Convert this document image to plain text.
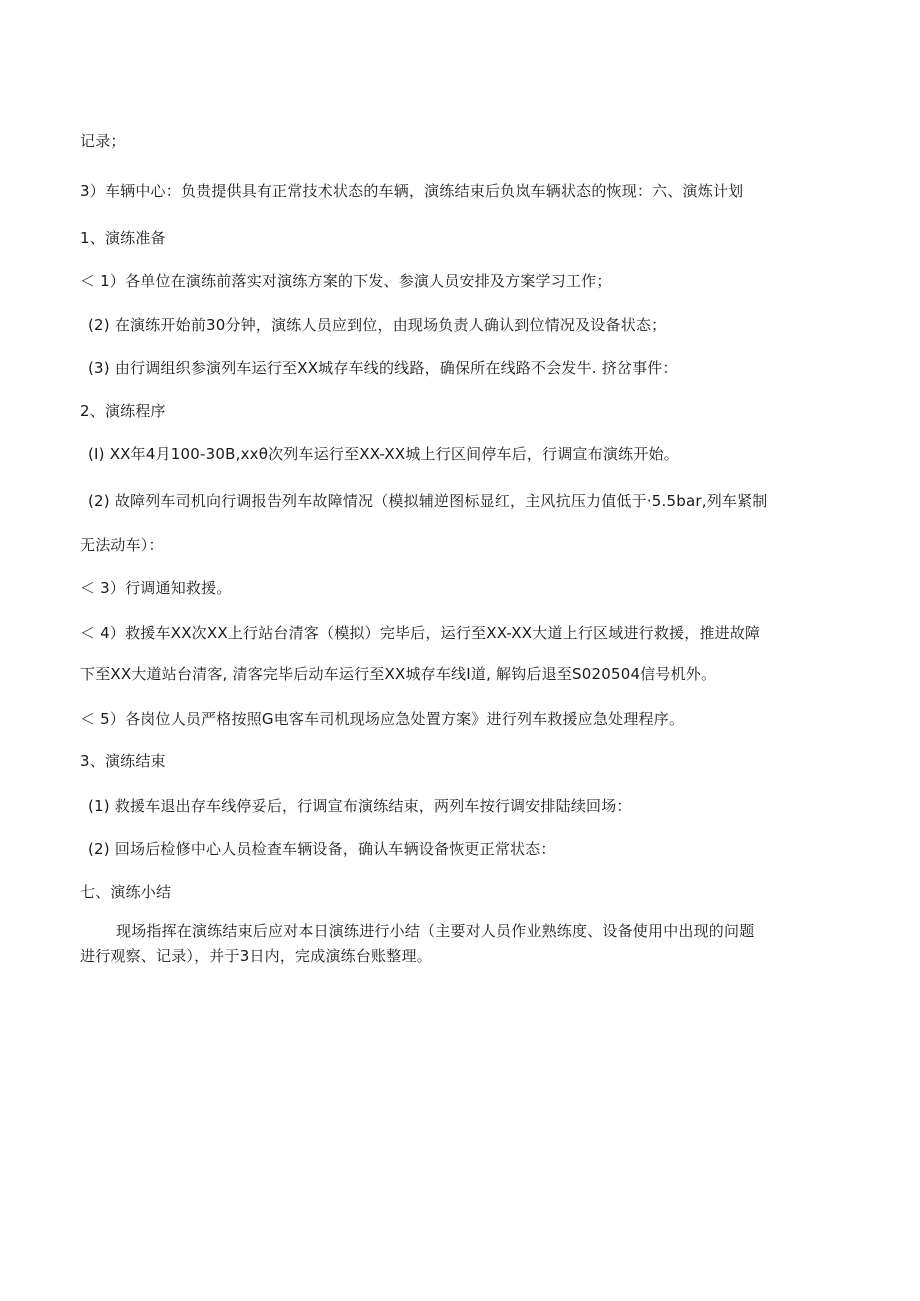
记录；
3）车辆中心：负贵提供具有正常技术状态的车辆，演练结束后负岚车辆状态的恢现：六、演炼计划
1、演练准备
＜ 1）各单位在演练前落实对演练方案的下发、参演人员安排及方案学习工作；
(2) 在演练开始前30分钟，演练人员应到位，由现场负责人确认到位情况及设备状态；
(3) 由行调组织参演列车运行至XX城存车线的线路，确保所在线路不会发牛. 挤岔事件：
2、演练程序
(I) XX年4月100-30B,xxθ次列车运行至XX-XX城上行区间停车后，行调宣布演练开始。
(2) 故障列车司机向行调报告列车故障情况（模拟辅逆图标显红，主风抗压力值低于·5.5bar,列车紧制
无法动车）：
＜ 3）行调通知救援。
＜ 4）救援车XX次XX上行站台清客（模拟）完毕后，运行至XX-XX大道上行区域进行救援，推进故障
下至XX大道站台清客, 清客完毕后动车运行至XX城存车线I道, 解钩后退至S020504信号机外。
＜ 5）各岗位人员严格按照G电客车司机现场应急处置方案》进行列车救援应急处理程序。
3、演练结束
(1) 救援车退出存车线停妥后，行调宣布演练结束，两列车按行调安排陆续回场：
(2) 回场后检修中心人员检查车辆设备，确认车辆设备恢更正常状态：
七、演练小结
现场指挥在演练结束后应对本日演练进行小结（主要对人员作业熟练度、设备使用中出现的问题
进行观察、记录），并于3日内，完成演练台账整理。
